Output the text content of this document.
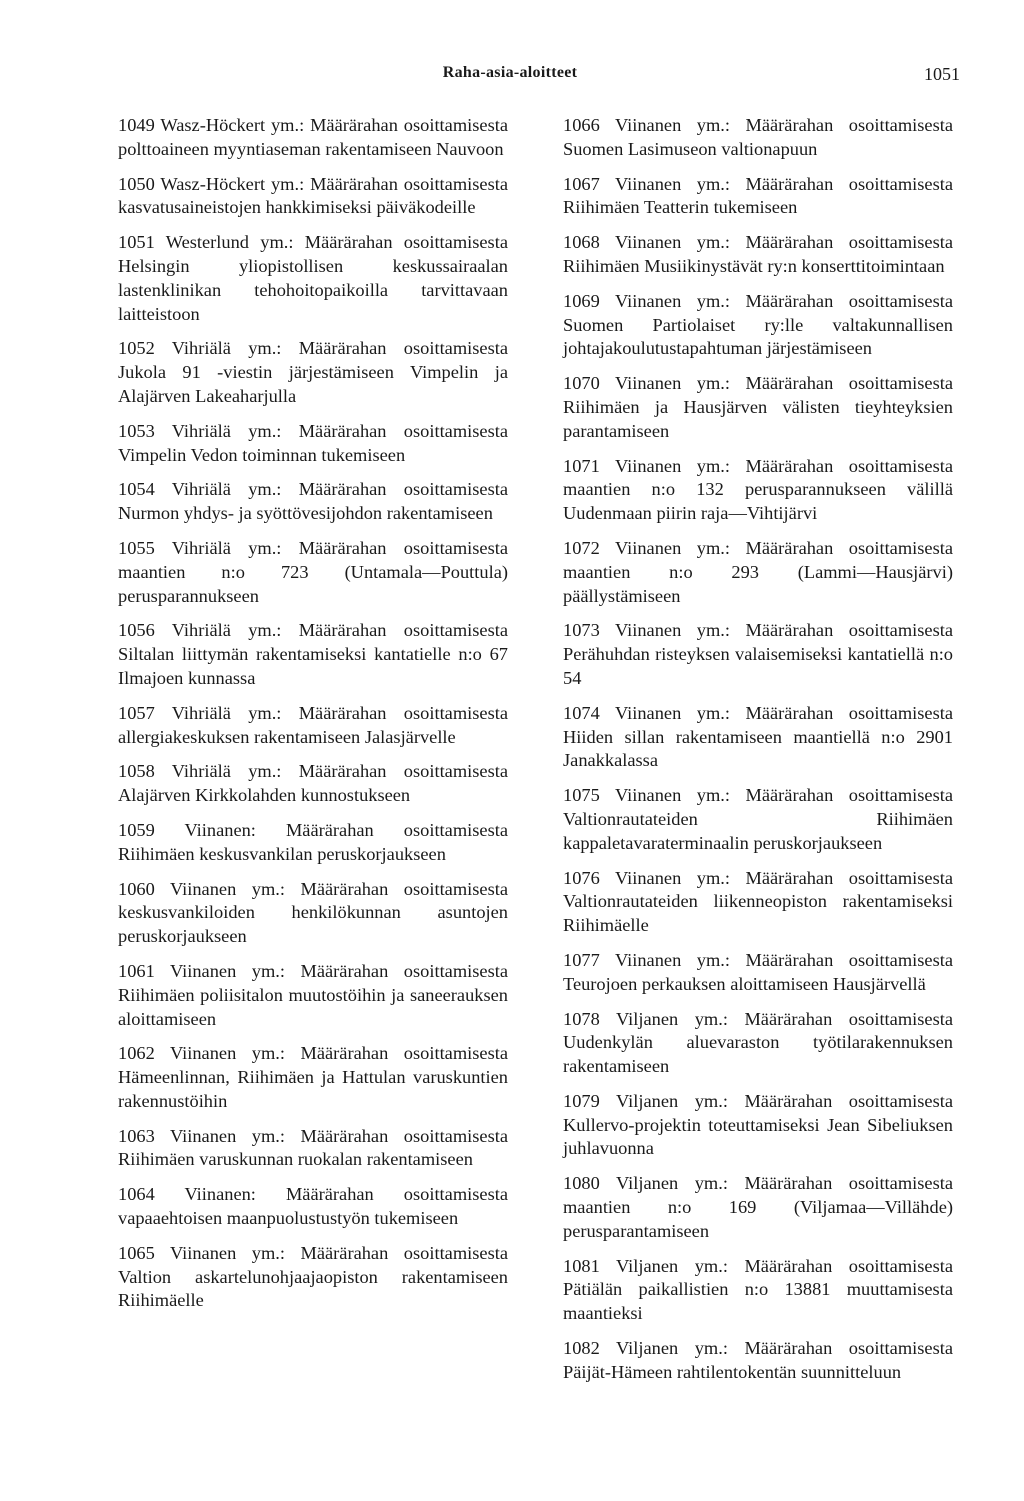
Raha-asia-aloitteet	1051

1049 Wasz-Höckert ym.: Määrärahan osoittamisesta polttoaineen myyntiaseman rakentamiseen Nauvoon

1050 Wasz-Höckert ym.: Määrärahan osoittamisesta kasvatusaineistojen hankkimiseksi päiväkodeille

1051 Westerlund ym.: Määrärahan osoittamisesta Helsingin yliopistollisen keskussairaalan lastenklinikan tehohoitopaikoilla tarvittavaan laitteistoon

1052 Vihriälä ym.: Määrärahan osoittamisesta Jukola 91 -viestin järjestämiseen Vimpelin ja Alajärven Lakeaharjulla

1053 Vihriälä ym.: Määrärahan osoittamisesta Vimpelin Vedon toiminnan tukemiseen

1054 Vihriälä ym.: Määrärahan osoittamisesta Nurmon yhdys- ja syöttövesijohdon rakentamiseen

1055 Vihriälä ym.: Määrärahan osoittamisesta maantien n:o 723 (Untamala—Pouttula) perusparannukseen

1056 Vihriälä ym.: Määrärahan osoittamisesta Siltalan liittymän rakentamiseksi kantatielle n:o 67 Ilmajoen kunnassa

1057 Vihriälä ym.: Määrärahan osoittamisesta allergiakeskuksen rakentamiseen Jalasjärvelle

1058 Vihriälä ym.: Määrärahan osoittamisesta Alajärven Kirkkolahden kunnostukseen

1059 Viinanen: Määrärahan osoittamisesta Riihimäen keskusvankilan peruskorjaukseen

1060 Viinanen ym.: Määrärahan osoittamisesta keskusvankiloiden henkilökunnan asuntojen peruskorjaukseen

1061 Viinanen ym.: Määrärahan osoittamisesta Riihimäen poliisitalon muutostöihin ja saneerauksen aloittamiseen

1062 Viinanen ym.: Määrärahan osoittamisesta Hämeenlinnan, Riihimäen ja Hattulan varuskuntien rakennustöihin

1063 Viinanen ym.: Määrärahan osoittamisesta Riihimäen varuskunnan ruokalan rakentamiseen

1064 Viinanen: Määrärahan osoittamisesta vapaaehtoisen maanpuolustustyön tukemiseen

1065 Viinanen ym.: Määrärahan osoittamisesta Valtion askartelunohjaajaopiston rakentamiseen Riihimäelle

1066 Viinanen ym.: Määrärahan osoittamisesta Suomen Lasimuseon valtionapuun

1067 Viinanen ym.: Määrärahan osoittamisesta Riihimäen Teatterin tukemiseen

1068 Viinanen ym.: Määrärahan osoittamisesta Riihimäen Musiikinystävät ry:n konserttitoimintaan

1069 Viinanen ym.: Määrärahan osoittamisesta Suomen Partiolaiset ry:lle valtakunnallisen johtajakoulutustapahtuman järjestämiseen

1070 Viinanen ym.: Määrärahan osoittamisesta Riihimäen ja Hausjärven välisten tieyhteyksien parantamiseen

1071 Viinanen ym.: Määrärahan osoittamisesta maantien n:o 132 perusparannukseen välillä Uudenmaan piirin raja—Vihtijärvi

1072 Viinanen ym.: Määrärahan osoittamisesta maantien n:o 293 (Lammi—Hausjärvi) päällystämiseen

1073 Viinanen ym.: Määrärahan osoittamisesta Perähuhdan risteyksen valaisemiseksi kantatiellä n:o 54

1074 Viinanen ym.: Määrärahan osoittamisesta Hiiden sillan rakentamiseen maantiellä n:o 2901 Janakkalassa

1075 Viinanen ym.: Määrärahan osoittamisesta Valtionrautateiden Riihimäen kappaletavaraterminaalin peruskorjaukseen

1076 Viinanen ym.: Määrärahan osoittamisesta Valtionrautateiden liikenneopiston rakentamiseksi Riihimäelle

1077 Viinanen ym.: Määrärahan osoittamisesta Teurojoen perkauksen aloittamiseen Hausjärvellä

1078 Viljanen ym.: Määrärahan osoittamisesta Uudenkylän aluevaraston työtilarakennuksen rakentamiseen

1079 Viljanen ym.: Määrärahan osoittamisesta Kullervo-projektin toteuttamiseksi Jean Sibeliuksen juhlavuonna

1080 Viljanen ym.: Määrärahan osoittamisesta maantien n:o 169 (Viljamaa—Villähde) perusparantamiseen

1081 Viljanen ym.: Määrärahan osoittamisesta Pätiälän paikallistien n:o 13881 muuttamisesta maantieksi

1082 Viljanen ym.: Määrärahan osoittamisesta Päijät-Hämeen rahtilentokentän suunnitteluun
